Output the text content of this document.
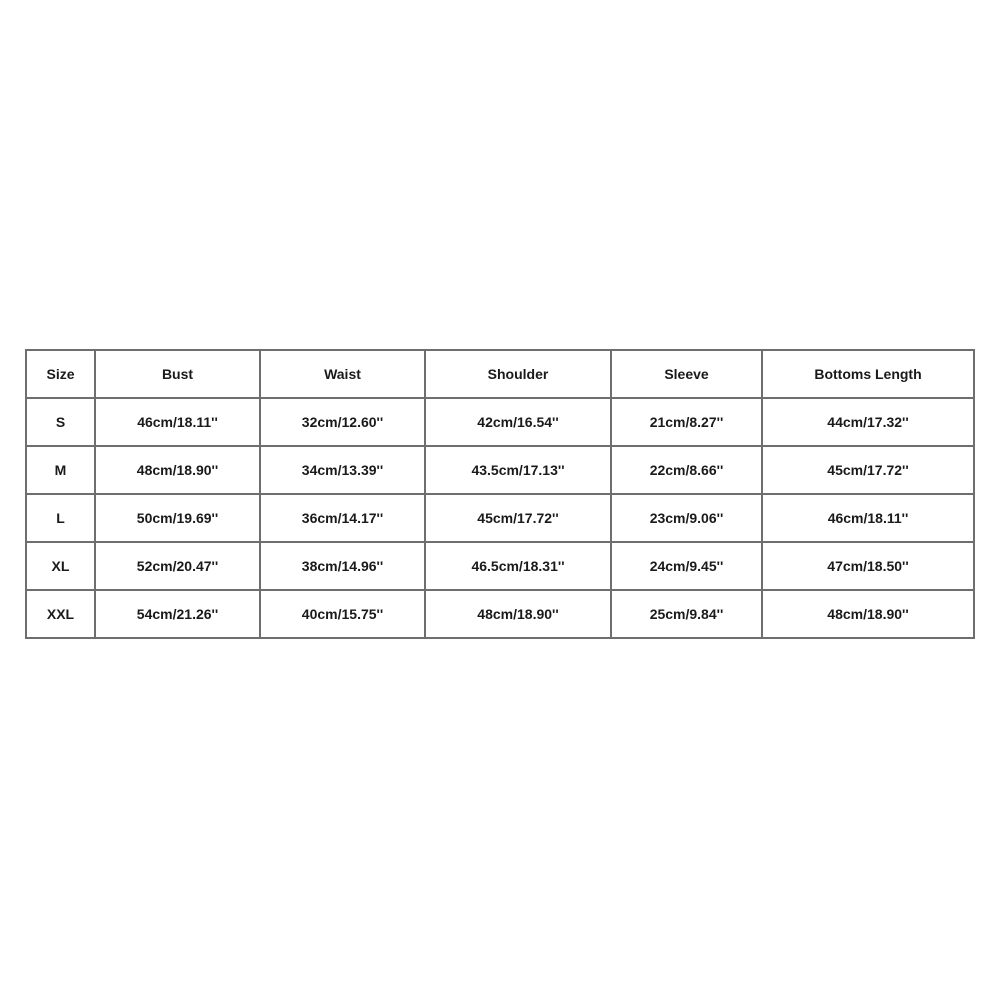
Size	Bust	Waist	Shoulder	Sleeve	Bottoms Length
S	46cm/18.11''	32cm/12.60''	42cm/16.54''	21cm/8.27''	44cm/17.32''
M	48cm/18.90''	34cm/13.39''	43.5cm/17.13''	22cm/8.66''	45cm/17.72''
L	50cm/19.69''	36cm/14.17''	45cm/17.72''	23cm/9.06''	46cm/18.11''
XL	52cm/20.47''	38cm/14.96''	46.5cm/18.31''	24cm/9.45''	47cm/18.50''
XXL	54cm/21.26''	40cm/15.75''	48cm/18.90''	25cm/9.84''	48cm/18.90''
